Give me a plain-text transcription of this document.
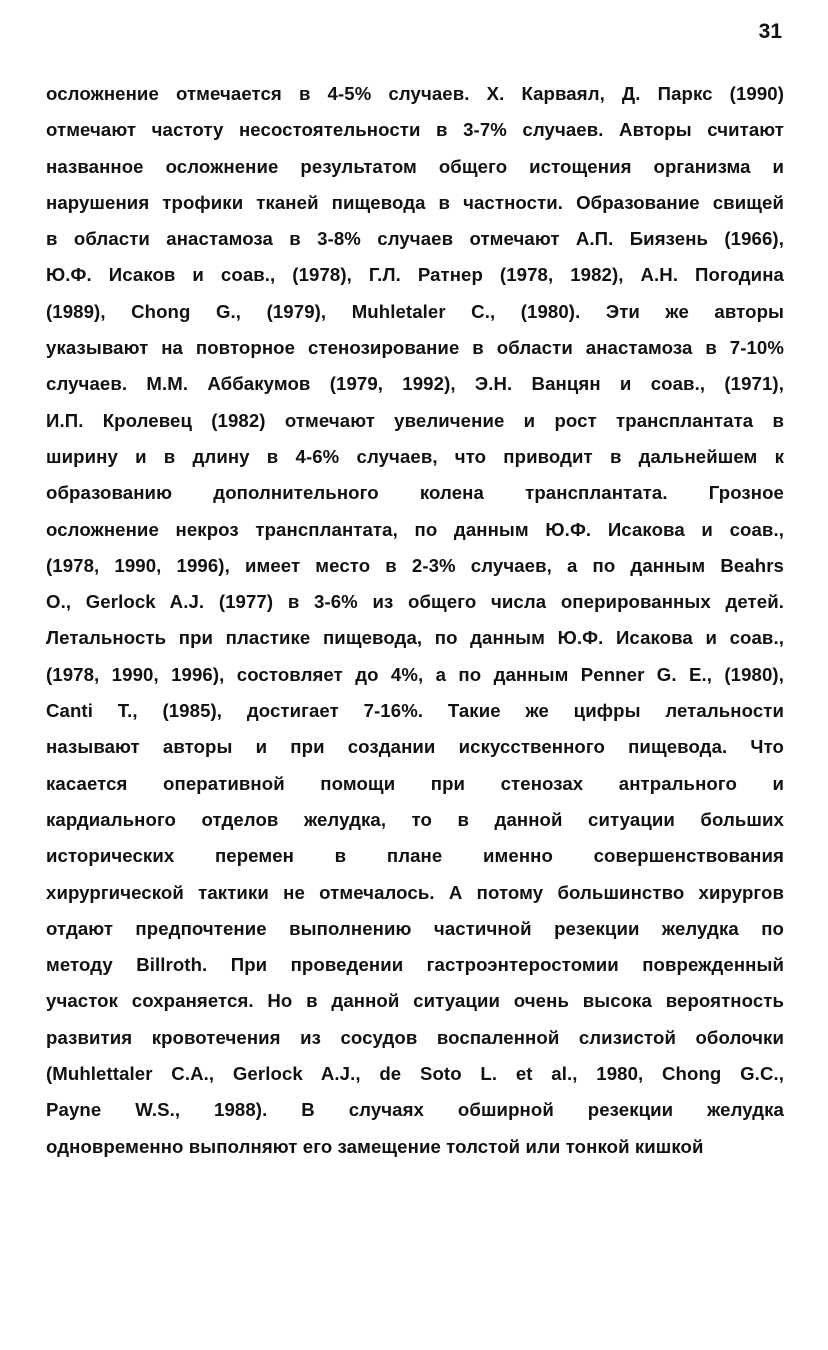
31
осложнение отмечается в 4-5% случаев. Х. Карваял, Д. Паркс (1990)
отмечают частоту несостоятельности в 3-7% случаев. Авторы считают
названное осложнение результатом общего истощения организма и
нарушения трофики тканей пищевода в частности. Образование свищей
в области анастамоза в 3-8% случаев отмечают А.П. Биязень (1966),
Ю.Ф. Исаков и соав., (1978), Г.Л. Ратнер (1978, 1982), А.Н. Погодина
(1989), Chong G., (1979), Muhletaler C., (1980). Эти же авторы
указывают на повторное стенозирование в области анастамоза в 7-10%
случаев. М.М. Аббакумов (1979, 1992), Э.Н. Ванцян и соав., (1971),
И.П. Кролевец (1982) отмечают увеличение и рост трансплантата в
ширину и в длину в 4-6% случаев, что приводит в дальнейшем к
образованию дополнительного колена трансплантата. Грозное
осложнение некроз трансплантата, по данным Ю.Ф. Исакова и соав.,
(1978, 1990, 1996), имеет место в 2-3% случаев, а по данным Beahrs
O., Gerlock A.J. (1977) в 3-6% из общего числа оперированных детей.
Летальность при пластике пищевода, по данным Ю.Ф. Исакова и соав.,
(1978, 1990, 1996), состовляет до 4%, а по данным Penner G. E., (1980),
Canti T., (1985), достигает 7-16%. Такие же цифры летальности
называют авторы и при создании искусственного пищевода. Что
касается оперативной помощи при стенозах антрального и
кардиального отделов желудка, то в данной ситуации больших
исторических перемен в плане именно совершенствования
хирургической тактики не отмечалось. А потому большинство хирургов
отдают предпочтение выполнению частичной резекции желудка по
методу Billroth. При проведении гастроэнтеростомии поврежденный
участок сохраняется. Но в данной ситуации очень высока вероятность
развития кровотечения из сосудов воспаленной слизистой оболочки
(Muhlettaler C.A., Gerlock A.J., de Soto L. et al., 1980, Chong G.C.,
Payne W.S., 1988). В случаях обширной резекции желудка
одновременно выполняют его замещение толстой или тонкой кишкой
